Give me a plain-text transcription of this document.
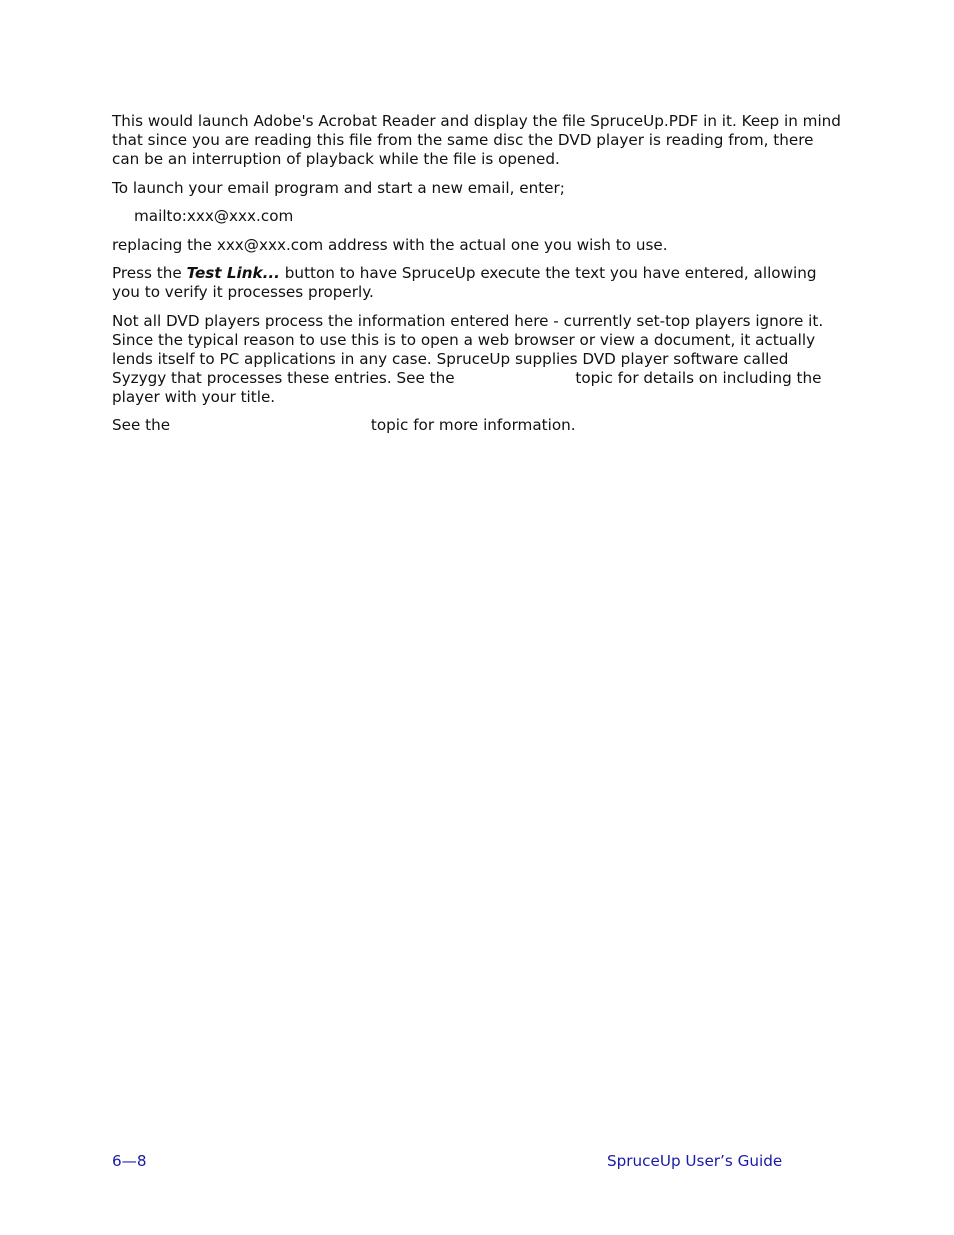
This would launch Adobe's Acrobat Reader and display the file SpruceUp.PDF in it. Keep in mind that since you are reading this file from the same disc the DVD player is reading from, there can be an interruption of playback while the file is opened.

To launch your email program and start a new email, enter;

mailto:xxx@xxx.com

replacing the xxx@xxx.com address with the actual one you wish to use.

Press the Test Link... button to have SpruceUp execute the text you have entered, allowing you to verify it processes properly.

Not all DVD players process the information entered here - currently set-top players ignore it. Since the typical reason to use this is to open a web browser or view a document, it actually lends itself to PC applications in any case. SpruceUp supplies DVD player software called Syzygy that processes these entries. See the	topic for details on including the player with your title.

See the	topic for more information.

6—8	SpruceUp User’s Guide
